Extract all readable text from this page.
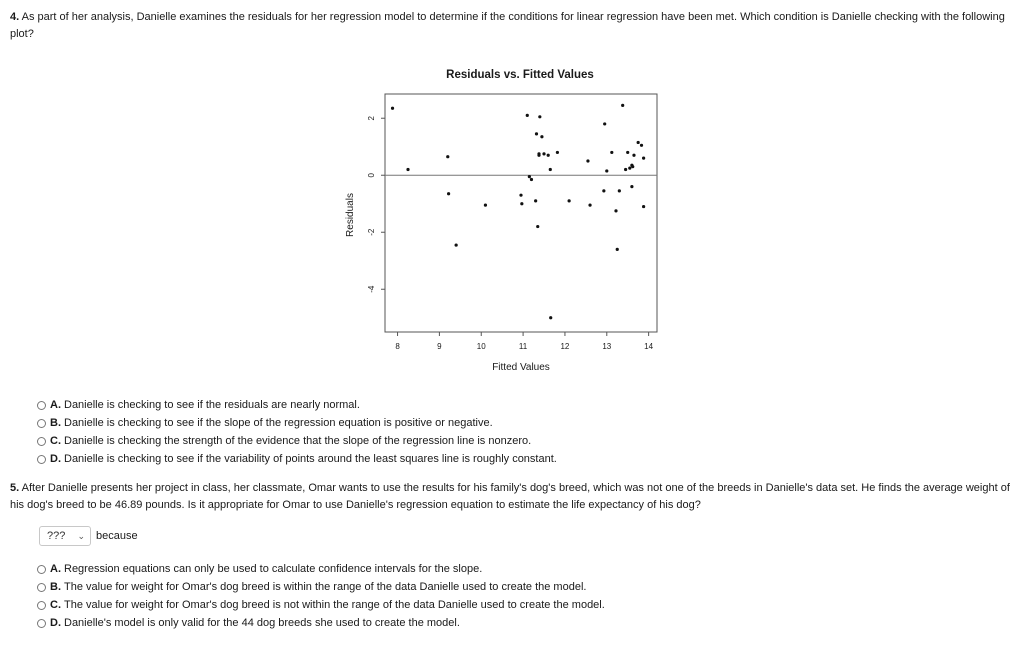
4. As part of her analysis, Danielle examines the residuals for her regression model to determine if the conditions for linear regression have been met. Which condition is Danielle checking with the following plot?
Residuals vs. Fitted Values
Residuals
Fitted Values
8	9	10	11	12	13	14
2
0
-2
-4
A. Danielle is checking to see if the residuals are nearly normal.
B. Danielle is checking to see if the slope of the regression equation is positive or negative.
C. Danielle is checking the strength of the evidence that the slope of the regression line is nonzero.
D. Danielle is checking to see if the variability of points around the least squares line is roughly constant.
5. After Danielle presents her project in class, her classmate, Omar wants to use the results for his family's dog's breed, which was not one of the breeds in Danielle's data set. He finds the average weight of his dog's breed to be 46.89 pounds. Is it appropriate for Omar to use Danielle's regression equation to estimate the life expectancy of his dog?
??? ⌄ because
A. Regression equations can only be used to calculate confidence intervals for the slope.
B. The value for weight for Omar's dog breed is within the range of the data Danielle used to create the model.
C. The value for weight for Omar's dog breed is not within the range of the data Danielle used to create the model.
D. Danielle's model is only valid for the 44 dog breeds she used to create the model.
